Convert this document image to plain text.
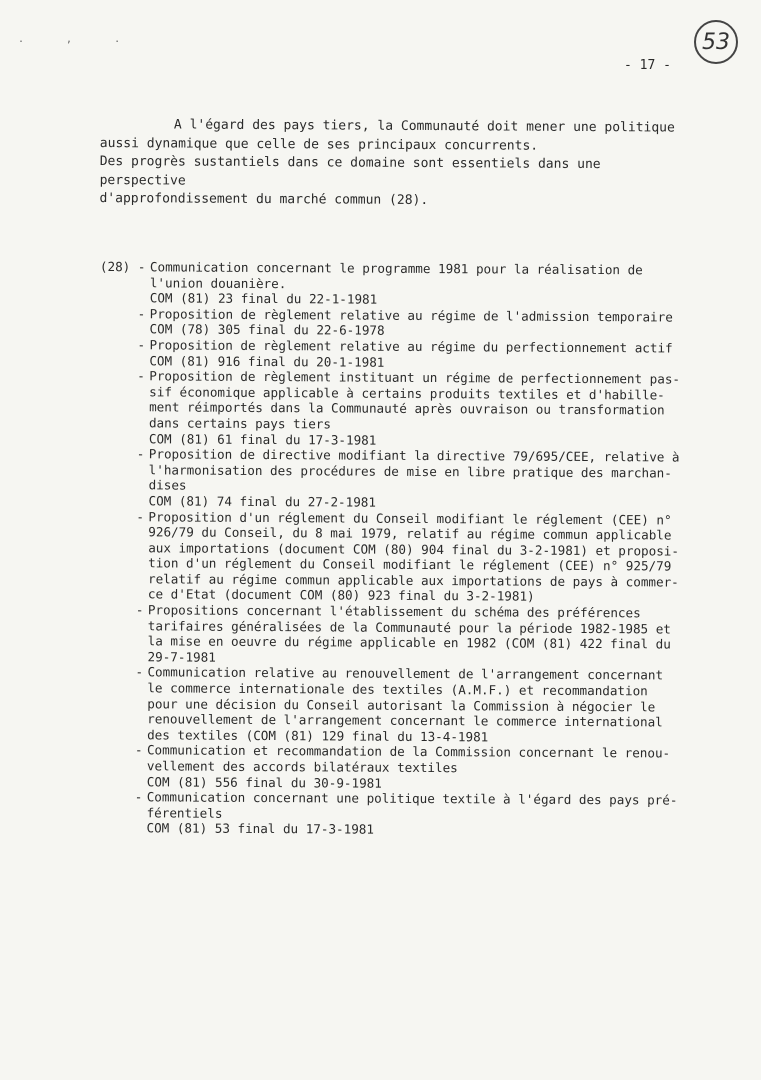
. , .	53
- 17 -

A l'égard des pays tiers, la Communauté doit mener une politique

aussi dynamique que celle de ses principaux concurrents.

Des progrès sustantiels dans ce domaine sont essentiels dans une perspective

d'approfondissement du marché commun (28).

(28) - Communication concernant le programme 1981 pour la réalisation de
l'union douanière.
COM (81) 23 final du 22-1-1981
- Proposition de règlement relative au régime de l'admission temporaire
COM (78) 305 final du 22-6-1978
- Proposition de règlement relative au régime du perfectionnement actif
COM (81) 916 final du 20-1-1981
- Proposition de règlement instituant un régime de perfectionnement pas-
sif économique applicable à certains produits textiles et d'habille-
ment réimportés dans la Communauté après ouvraison ou transformation
dans certains pays tiers
COM (81) 61 final du 17-3-1981
- Proposition de directive modifiant la directive 79/695/CEE, relative à
l'harmonisation des procédures de mise en libre pratique des marchan-
dises
COM (81) 74 final du 27-2-1981
- Proposition d'un réglement du Conseil modifiant le réglement (CEE) n°
926/79 du Conseil, du 8 mai 1979, relatif au régime commun applicable
aux importations (document COM (80) 904 final du 3-2-1981) et proposi-
tion d'un réglement du Conseil modifiant le réglement (CEE) n° 925/79
relatif au régime commun applicable aux importations de pays à commer-
ce d'Etat (document COM (80) 923 final du 3-2-1981)
- Propositions concernant l'établissement du schéma des préférences
tarifaires généralisées de la Communauté pour la période 1982-1985 et
la mise en oeuvre du régime applicable en 1982 (COM (81) 422 final du
29-7-1981
- Communication relative au renouvellement de l'arrangement concernant
le commerce internationale des textiles (A.M.F.) et recommandation
pour une décision du Conseil autorisant la Commission à négocier le
renouvellement de l'arrangement concernant le commerce international
des textiles (COM (81) 129 final du 13-4-1981
- Communication et recommandation de la Commission concernant le renou-
vellement des accords bilatéraux textiles
COM (81) 556 final du 30-9-1981
- Communication concernant une politique textile à l'égard des pays pré-
férentiels
COM (81) 53 final du 17-3-1981
